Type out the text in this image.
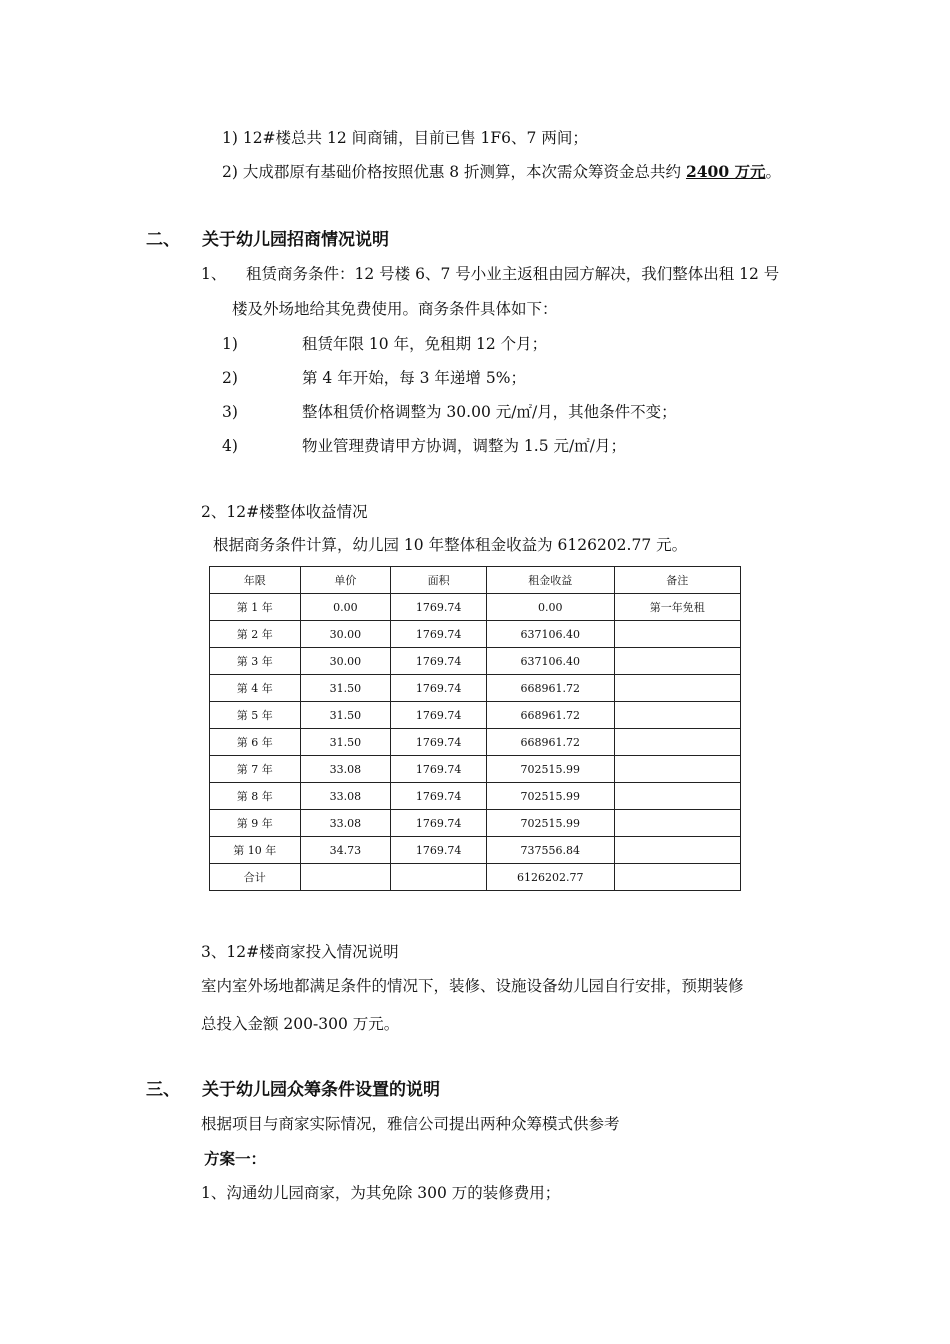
1) 12#楼总共 12 间商铺，目前已售 1F6、7 两间；
2) 大成郡原有基础价格按照优惠 8 折测算，本次需众筹资金总共约 2400 万元。
二、 关于幼儿园招商情况说明
1、 租赁商务条件：12 号楼 6、7 号小业主返租由园方解决，我们整体出租 12 号
楼及外场地给其免费使用。商务条件具体如下：
1)	租赁年限 10 年，免租期 12 个月；
2)	第 4 年开始，每 3 年递增 5%；
3)	整体租赁价格调整为 30.00 元/㎡/月，其他条件不变；
4)	物业管理费请甲方协调，调整为 1.5 元/㎡/月；
2、12#楼整体收益情况
根据商务条件计算，幼儿园 10 年整体租金收益为 6126202.77 元。
年限	单价	面积	租金收益	备注
第 1 年	0.00	1769.74	0.00	第一年免租
第 2 年	30.00	1769.74	637106.40	
第 3 年	30.00	1769.74	637106.40	
第 4 年	31.50	1769.74	668961.72	
第 5 年	31.50	1769.74	668961.72	
第 6 年	31.50	1769.74	668961.72	
第 7 年	33.08	1769.74	702515.99	
第 8 年	33.08	1769.74	702515.99	
第 9 年	33.08	1769.74	702515.99	
第 10 年	34.73	1769.74	737556.84	
合计			6126202.77	
3、12#楼商家投入情况说明
室内室外场地都满足条件的情况下，装修、设施设备幼儿园自行安排，预期装修
总投入金额 200-300 万元。
三、 关于幼儿园众筹条件设置的说明
根据项目与商家实际情况，雅信公司提出两种众筹模式供参考
方案一：
1、沟通幼儿园商家，为其免除 300 万的装修费用；
